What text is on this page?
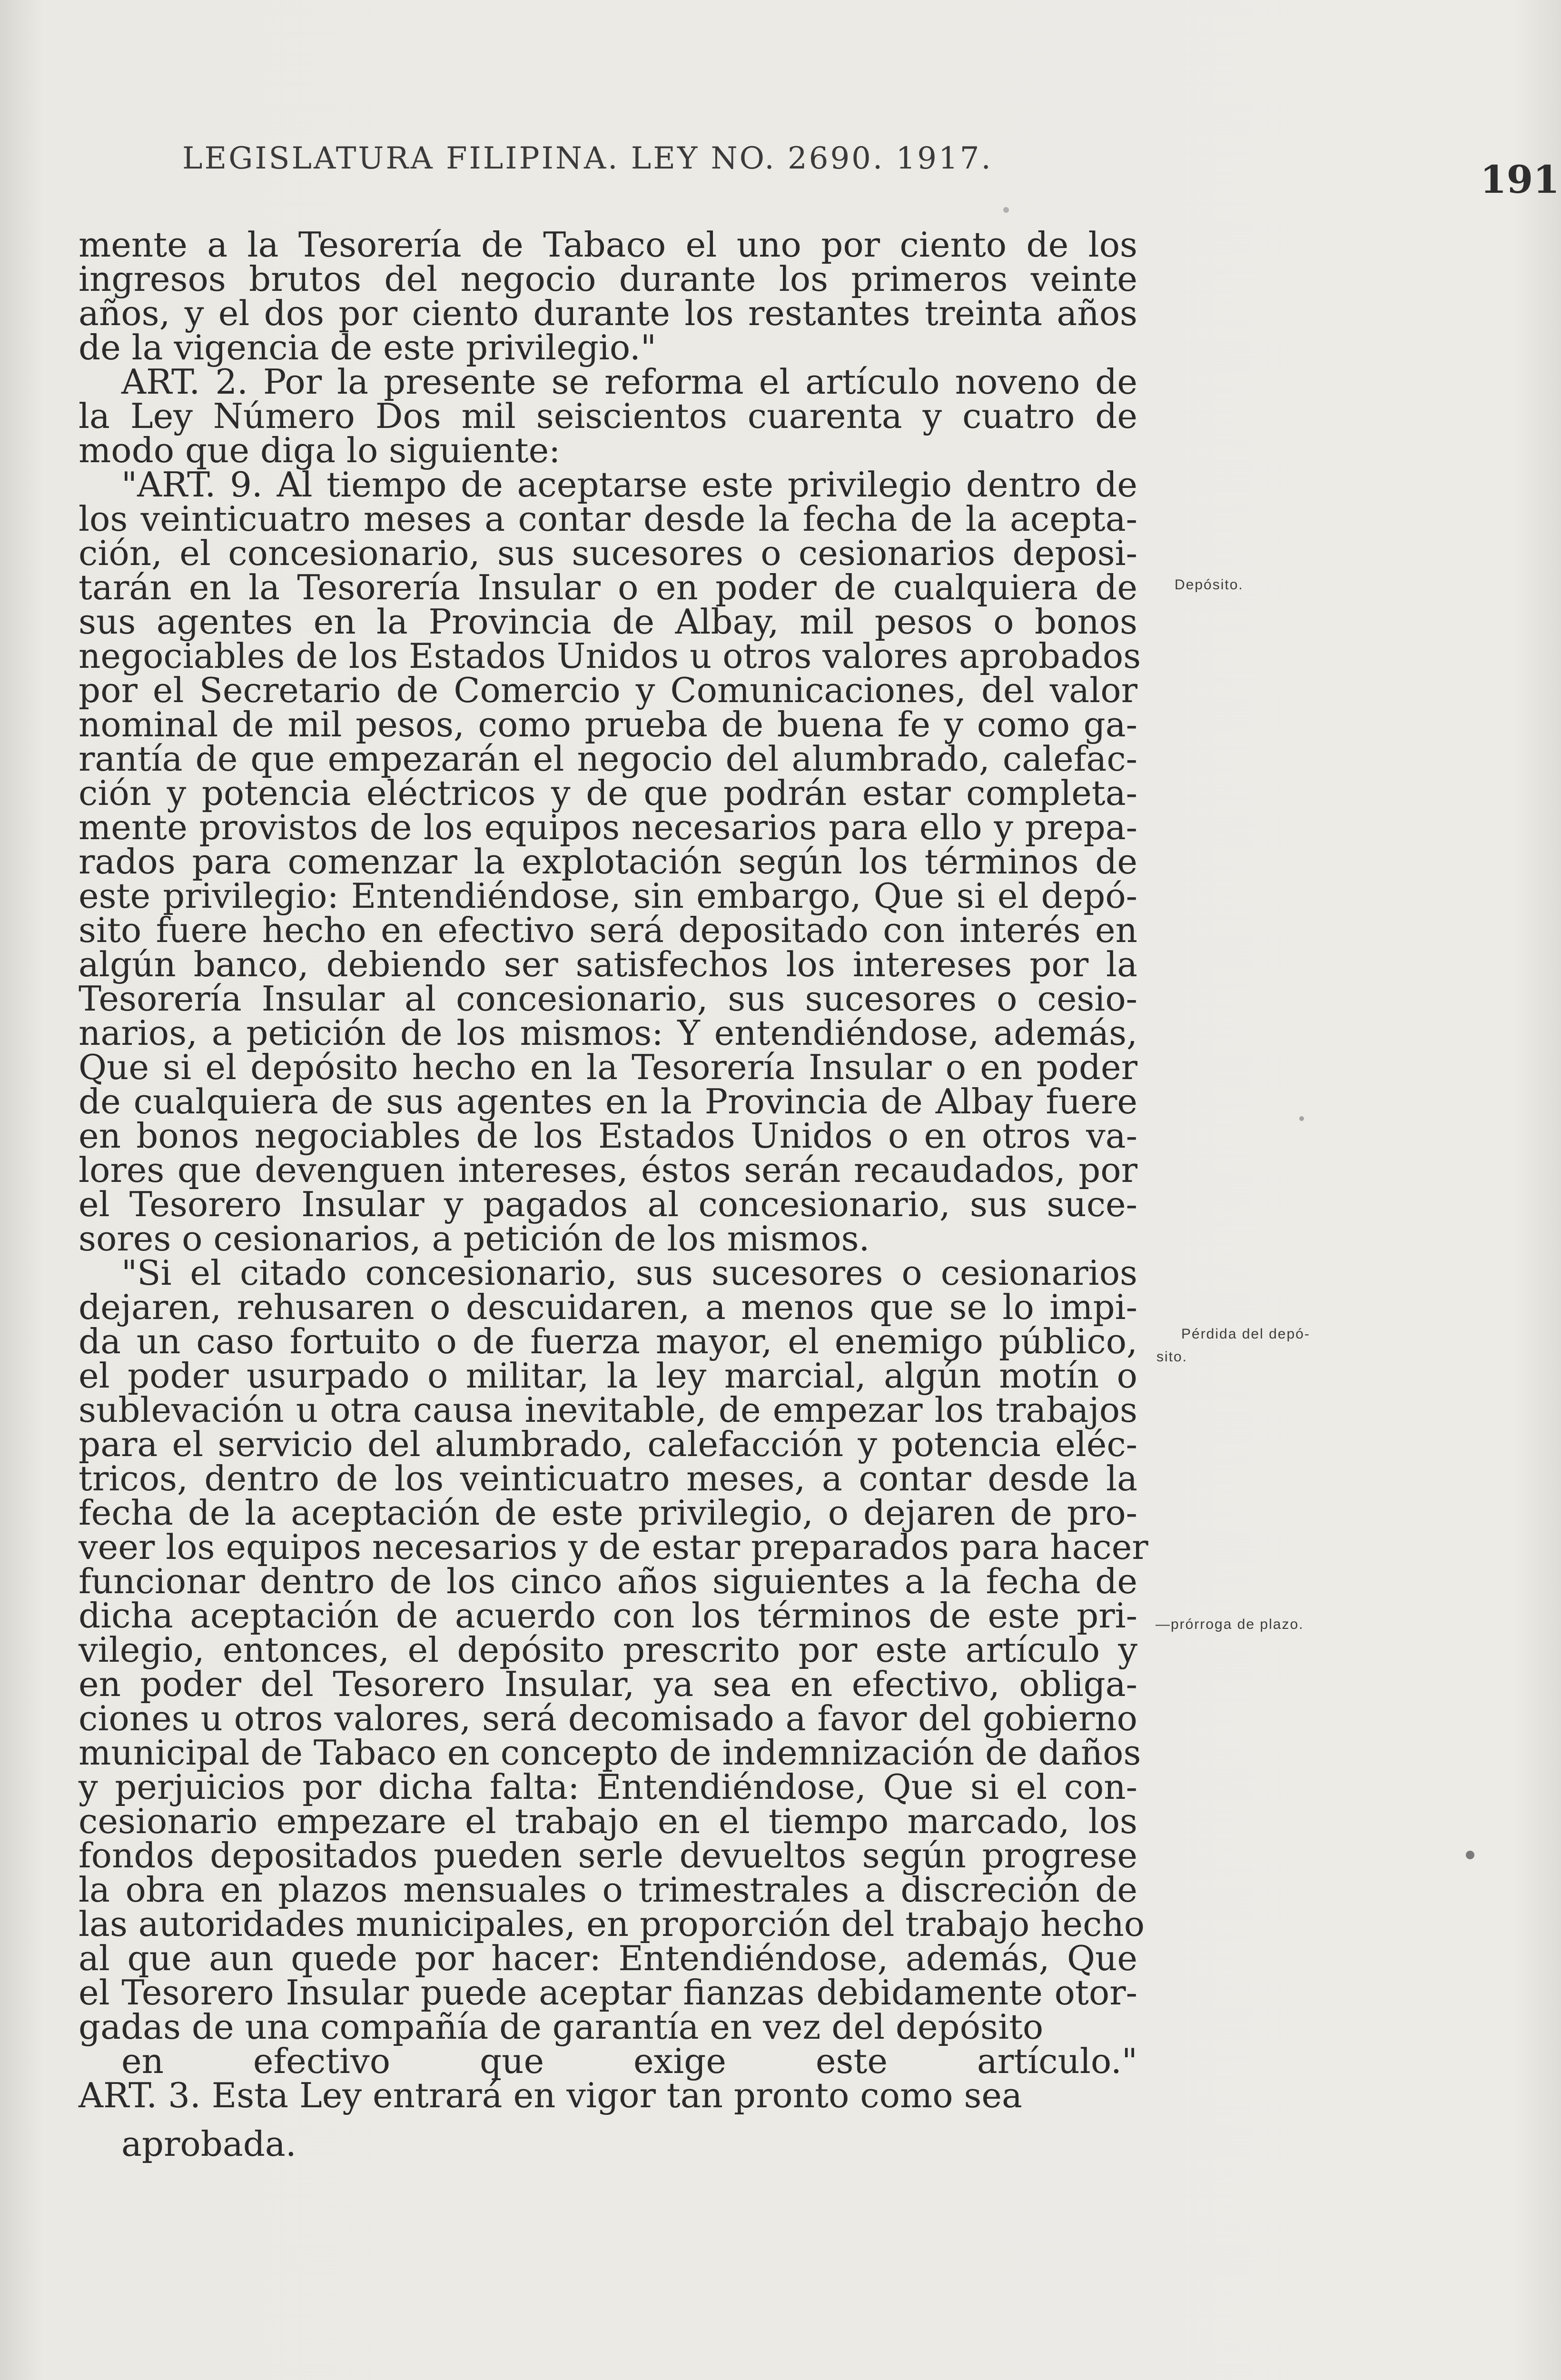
LEGISLATURA FILIPINA. LEY NO. 2690. 1917.	191
mente a la Tesorería de Tabaco el uno por ciento de los
ingresos brutos del negocio durante los primeros veinte
años, y el dos por ciento durante los restantes treinta años
de la vigencia de este privilegio."
ART. 2. Por la presente se reforma el artículo noveno de
la Ley Número Dos mil seiscientos cuarenta y cuatro de
modo que diga lo siguiente:
"ART. 9. Al tiempo de aceptarse este privilegio dentro de
los veinticuatro meses a contar desde la fecha de la acepta-
ción, el concesionario, sus sucesores o cesionarios deposi-
tarán en la Tesorería Insular o en poder de cualquiera de
sus agentes en la Provincia de Albay, mil pesos o bonos
negociables de los Estados Unidos u otros valores aprobados
por el Secretario de Comercio y Comunicaciones, del valor
nominal de mil pesos, como prueba de buena fe y como ga-
rantía de que empezarán el negocio del alumbrado, calefac-
ción y potencia eléctricos y de que podrán estar completa-
mente provistos de los equipos necesarios para ello y prepa-
rados para comenzar la explotación según los términos de
este privilegio: Entendiéndose, sin embargo, Que si el depó-
sito fuere hecho en efectivo será depositado con interés en
algún banco, debiendo ser satisfechos los intereses por la
Tesorería Insular al concesionario, sus sucesores o cesio-
narios, a petición de los mismos: Y entendiéndose, además,
Que si el depósito hecho en la Tesorería Insular o en poder
de cualquiera de sus agentes en la Provincia de Albay fuere
en bonos negociables de los Estados Unidos o en otros va-
lores que devenguen intereses, éstos serán recaudados, por
el Tesorero Insular y pagados al concesionario, sus suce-
sores o cesionarios, a petición de los mismos.
"Si el citado concesionario, sus sucesores o cesionarios
dejaren, rehusaren o descuidaren, a menos que se lo impi-
da un caso fortuito o de fuerza mayor, el enemigo público,
el poder usurpado o militar, la ley marcial, algún motín o
sublevación u otra causa inevitable, de empezar los trabajos
para el servicio del alumbrado, calefacción y potencia eléc-
tricos, dentro de los veinticuatro meses, a contar desde la
fecha de la aceptación de este privilegio, o dejaren de pro-
veer los equipos necesarios y de estar preparados para hacer
funcionar dentro de los cinco años siguientes a la fecha de
dicha aceptación de acuerdo con los términos de este pri-
vilegio, entonces, el depósito prescrito por este artículo y
en poder del Tesorero Insular, ya sea en efectivo, obliga-
ciones u otros valores, será decomisado a favor del gobierno
municipal de Tabaco en concepto de indemnización de daños
y perjuicios por dicha falta: Entendiéndose, Que si el con-
cesionario empezare el trabajo en el tiempo marcado, los
fondos depositados pueden serle devueltos según progrese
la obra en plazos mensuales o trimestrales a discreción de
las autoridades municipales, en proporción del trabajo hecho
al que aun quede por hacer: Entendiéndose, además, Que
el Tesorero Insular puede aceptar fianzas debidamente otor-
gadas de una compañía de garantía en vez del depósito
en efectivo que exige este artículo."
ART. 3. Esta Ley entrará en vigor tan pronto como sea
aprobada.
Depósito.
Pérdida del depó-
sito.
—prórroga de plazo.
